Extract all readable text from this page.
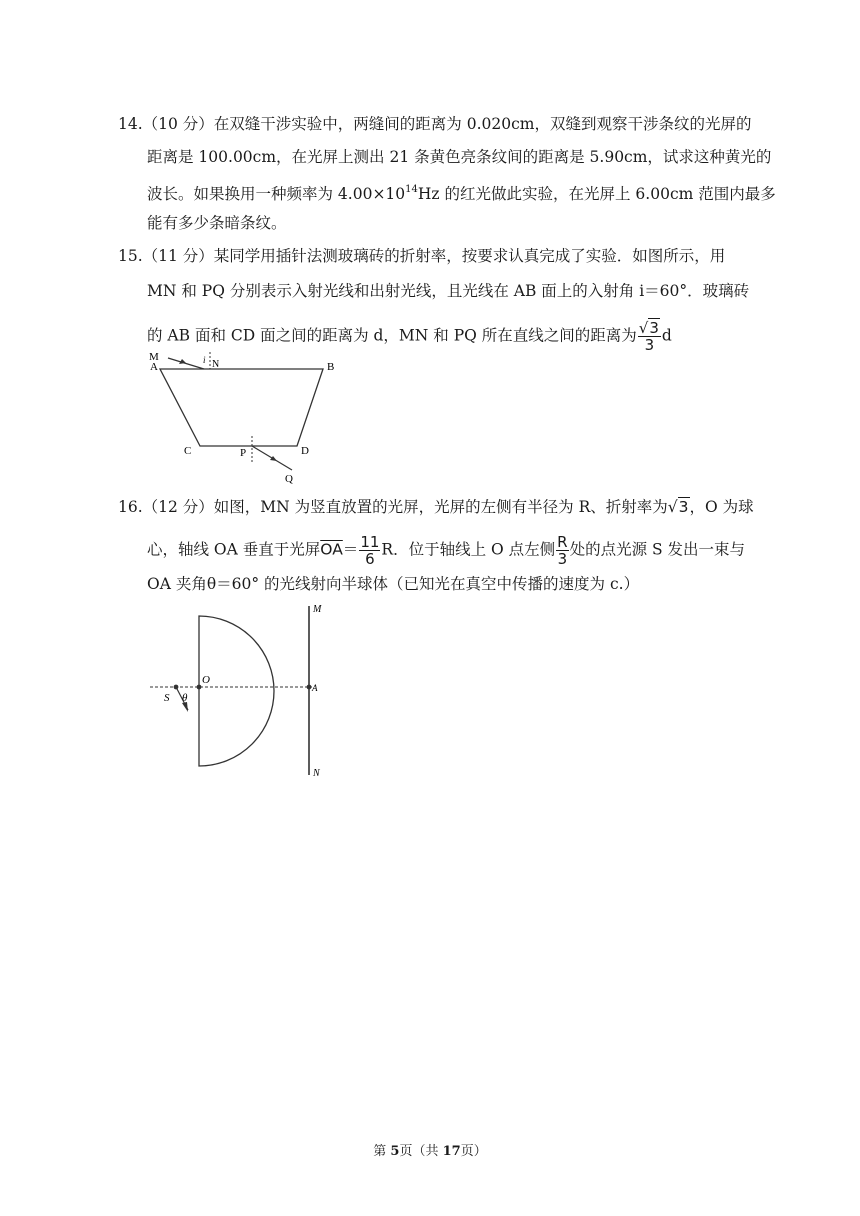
14.（10 分）在双缝干涉实验中，两缝间的距离为 0.020cm，双缝到观察干涉条纹的光屏的
距离是 100.00cm，在光屏上测出 21 条黄色亮条纹间的距离是 5.90cm，试求这种黄光的
波长。如果换用一种频率为 $4.00\times 10^{14}Hz$ 的红光做此实验，在光屏上 6.00cm 范围内最多
能有多少条暗条纹。
15.（11 分）某同学用插针法测玻璃砖的折射率，按要求认真完成了实验．如图所示，用
MN 和 PQ 分别表示入射光线和出射光线，且光线在 AB 面上的入射角 i＝60°．玻璃砖
的 AB 面和 CD 面之间的距离为 d，MN 和 PQ 所在直线之间的距离为 $\frac{√3}{3}$ d
M	i N
A	B
C	D
P
Q
16.（12 分）如图，MN 为竖直放置的光屏，光屏的左侧有半径为 R、折射率为√3，O 为球
心，轴线 OA 垂直于光屏$\overline{OA}= \frac{11}{6}$ R．位于轴线上 O 点左侧 $\frac{R}{3}$ 处的点光源 S 发出一束与
OA 夹角θ＝60° 的光线射向半球体（已知光在真空中传播的速度为 c.）
M
N
O
S θ
A
第 5页（共 17页）
